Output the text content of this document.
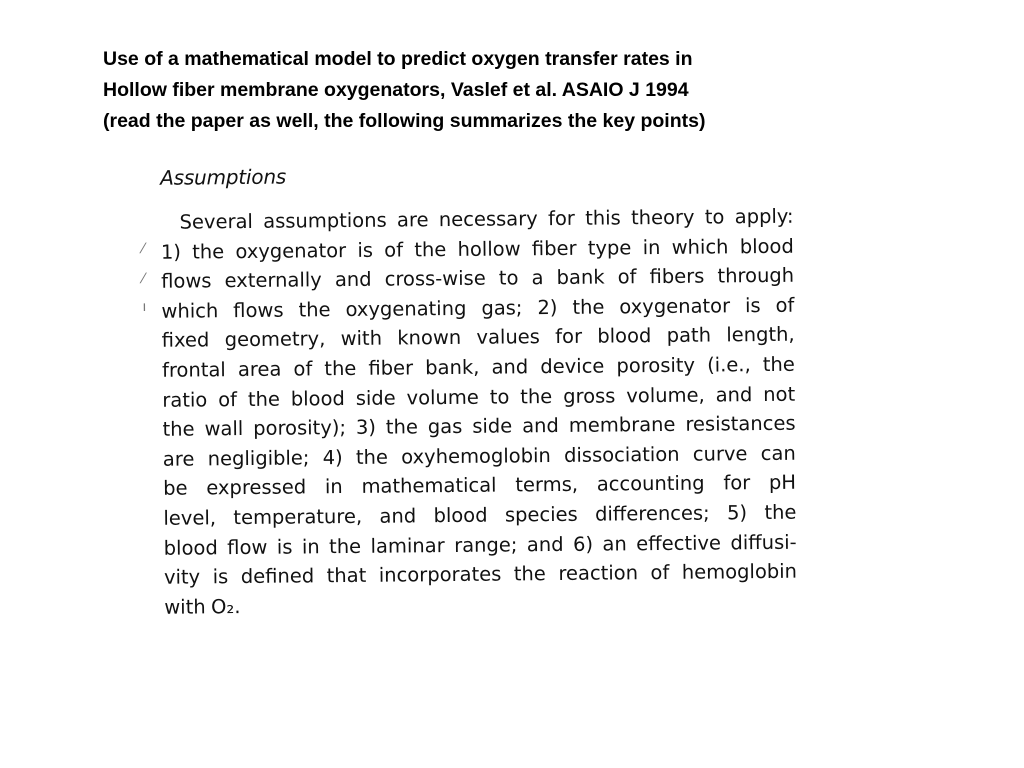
Use of a mathematical model to predict oxygen transfer rates in
Hollow fiber membrane oxygenators, Vaslef et al. ASAIO J 1994
(read the paper as well, the following summarizes the key points)
⁄
⁄
ı
Assumptions
Several assumptions are necessary for this theory to apply:
1) the oxygenator is of the hollow fiber type in which blood
flows externally and cross-wise to a bank of fibers through
which flows the oxygenating gas; 2) the oxygenator is of
fixed geometry, with known values for blood path length,
frontal area of the fiber bank, and device porosity (i.e., the
ratio of the blood side volume to the gross volume, and not
the wall porosity); 3) the gas side and membrane resistances
are negligible; 4) the oxyhemoglobin dissociation curve can
be expressed in mathematical terms, accounting for pH
level, temperature, and blood species differences; 5) the
blood flow is in the laminar range; and 6) an effective diffusi-
vity is defined that incorporates the reaction of hemoglobin
with O₂.
